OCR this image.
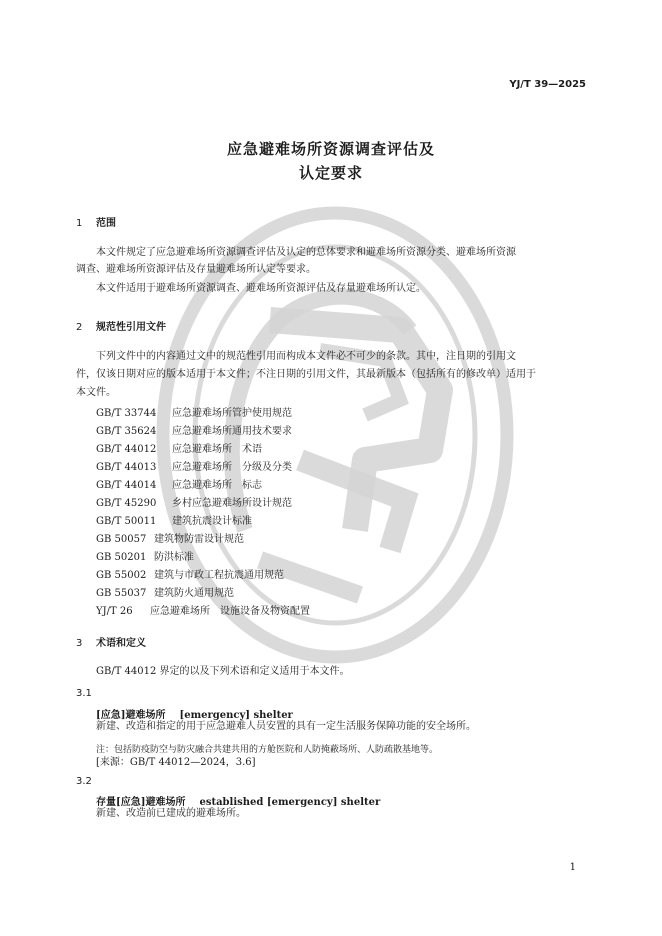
YJ/T 39—2025
应急避难场所资源调查评估及
认定要求
1 范围
本文件规定了应急避难场所资源调查评估及认定的总体要求和避难场所资源分类、避难场所资源
调查、避难场所资源评估及存量避难场所认定等要求。
本文件适用于避难场所资源调查、避难场所资源评估及存量避难场所认定。
2 规范性引用文件
下列文件中的内容通过文中的规范性引用而构成本文件必不可少的条款。其中，注日期的引用文
件，仅该日期对应的版本适用于本文件；不注日期的引用文件，其最新版本（包括所有的修改单）适用于
本文件。
GB/T 33744 应急避难场所管护使用规范
GB/T 35624 应急避难场所通用技术要求
GB/T 44012 应急避难场所　术语
GB/T 44013 应急避难场所　分级及分类
GB/T 44014 应急避难场所　标志
GB/T 45290 乡村应急避难场所设计规范
GB/T 50011 建筑抗震设计标准
GB 50057 建筑物防雷设计规范
GB 50201 防洪标准
GB 55002 建筑与市政工程抗震通用规范
GB 55037 建筑防火通用规范
YJ/T 26 应急避难场所　设施设备及物资配置
3 术语和定义
GB/T 44012 界定的以及下列术语和定义适用于本文件。
3.1
[应急]避难场所 [emergency] shelter
新建、改造和指定的用于应急避难人员安置的具有一定生活服务保障功能的安全场所。
注：包括防疫防空与防灾融合共建共用的方舱医院和人防掩蔽场所、人防疏散基地等。
[来源：GB/T 44012—2024，3.6]
3.2
存量[应急]避难场所 established [emergency] shelter
新建、改造前已建成的避难场所。
1
